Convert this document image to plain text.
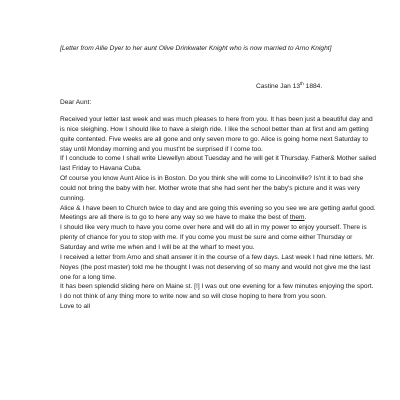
[Letter from Allie Dyer to her aunt Olive Drinkwater Knight who is now married to Arno Knight]
Castine Jan 13th 1884.
Dear Aunt:

Received your letter last week and was much pleases to here from you. It has been just a beautiful day and is nice sleighing. How I should like to have a sleigh ride. I like the school better than at first and am getting quite contented. Five weeks are all gone and only seven more to go. Alice is going home next Saturday to stay until Monday morning and you must'nt be surprised if I come too.

If I conclude to come I shall write Llewellyn about Tuesday and he will get it Thursday. Father& Mother sailed last Friday to Havana Cuba.

Of course you know Aunt Alice is in Boston. Do you think she will come to Lincolnville? Is'nt it to bad she could not bring the baby with her. Mother wrote that she had sent her the baby's picture and it was very cunning.

Alice & I have been to Church twice to day and are going this evening so you see we are getting awful good.

Meetings are all there is to go to here any way so we have to make the best of them.

I should like very much to have you come over here and will do all in my power to enjoy yourself. There is plenty of chance for you to stop with me. If you come you must be sure and come either Thursday or Saturday and write me when and I will be at the wharf to meet you.

I received a letter from Arno and shall answer it in the course of a few days. Last week I had nine letters. Mr. Noyes (the post master) told me he thought I was not deserving of so many and would not give me the last one for a long time.

It has been splendid sliding here on Maine st. [!] I was out one evening for a few minutes enjoying the sport.

I do not think of any thing more to write now and so will close hoping to here from you soon.

Love to all
